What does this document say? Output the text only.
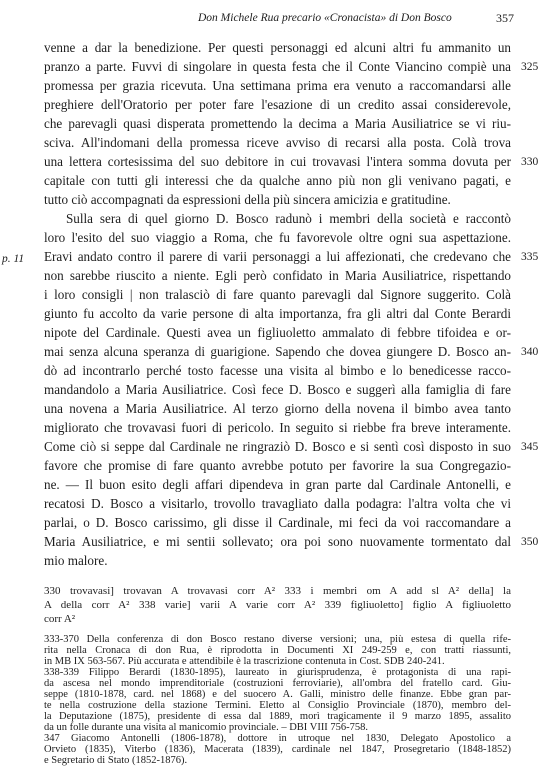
Don Michele Rua precario «Cronacista» di Don Bosco	357
p. 11
venne a dar la benedizione. Per questi personaggi ed alcuni altri fu ammanito un
pranzo a parte. Fuvvi di singolare in questa festa che il Conte Viancino compiè una
promessa per grazia ricevuta. Una settimana prima era venuto a raccomandarsi alle
preghiere dell'Oratorio per poter fare l'esazione di un credito assai considerevole,
che parevagli quasi disperata promettendo la decima a Maria Ausiliatrice se vi riu-
sciva. All'indomani della promessa riceve avviso di recarsi alla posta. Colà trova
una lettera cortesissima del suo debitore in cui trovavasi l'intera somma dovuta per
capitale con tutti gli interessi che da qualche anno più non gli venivano pagati, e
tutto ciò accompagnati da espressioni della più sincera amicizia e gratitudine.
Sulla sera di quel giorno D. Bosco radunò i membri della società e raccontò
loro l'esito del suo viaggio a Roma, che fu favorevole oltre ogni sua aspettazione.
Eravi andato contro il parere di varii personaggi a lui affezionati, che credevano che
non sarebbe riuscito a niente. Egli però confidato in Maria Ausiliatrice, rispettando
i loro consigli | non tralasciò di fare quanto parevagli dal Signore suggerito. Colà
giunto fu accolto da varie persone di alta importanza, fra gli altri dal Conte Berardi
nipote del Cardinale. Questi avea un figliuoletto ammalato di febbre tifoidea e or-
mai senza alcuna speranza di guarigione. Sapendo che dovea giungere D. Bosco an-
dò ad incontrarlo perché tosto facesse una visita al bimbo e lo benedicesse racco-
mandandolo a Maria Ausiliatrice. Così fece D. Bosco e suggerì alla famiglia di fare
una novena a Maria Ausiliatrice. Al terzo giorno della novena il bimbo avea tanto
migliorato che trovavasi fuori di pericolo. In seguito si riebbe fra breve interamente.
Come ciò si seppe dal Cardinale ne ringraziò D. Bosco e si sentì così disposto in suo
favore che promise di fare quanto avrebbe potuto per favorire la sua Congregazio-
ne. — Il buon esito degli affari dipendeva in gran parte dal Cardinale Antonelli, e
recatosi D. Bosco a visitarlo, trovollo travagliato dalla podagra: l'altra volta che vi
parlai, o D. Bosco carissimo, gli disse il Cardinale, mi feci da voi raccomandare a
Maria Ausiliatrice, e mi sentii sollevato; ora poi sono nuovamente tormentato dal
mio malore.
325
330
335
340
345
350
330 trovavasi] trovavan A trovavasi corr A² 333 i membri om A add sl A² della] la
A della corr A² 338 varie] varii A varie corr A² 339 figliuoletto] figlio A figliuoletto
corr A²
333-370 Della conferenza di don Bosco restano diverse versioni; una, più estesa di quella rife-
rita nella Cronaca di don Rua, è riprodotta in Documenti XI 249-259 e, con tratti riassunti,
in MB IX 563-567. Più accurata e attendibile è la trascrizione contenuta in Cost. SDB 240-241.
338-339 Filippo Berardi (1830-1895), laureato in giurisprudenza, è protagonista di una rapi-
da ascesa nel mondo imprenditoriale (costruzioni ferroviarie), all'ombra del fratello card. Giu-
seppe (1810-1878, card. nel 1868) e del suocero A. Galli, ministro delle finanze. Ebbe gran par-
te nella costruzione della stazione Termini. Eletto al Consiglio Provinciale (1870), membro del-
la Deputazione (1875), presidente di essa dal 1889, morì tragicamente il 9 marzo 1895, assalito
da un folle durante una visita al manicomio provinciale. – DBI VIII 756-758.
347 Giacomo Antonelli (1806-1878), dottore in utroque nel 1830, Delegato Apostolico a
Orvieto (1835), Viterbo (1836), Macerata (1839), cardinale nel 1847, Prosegretario (1848-1852)
e Segretario di Stato (1852-1876).
